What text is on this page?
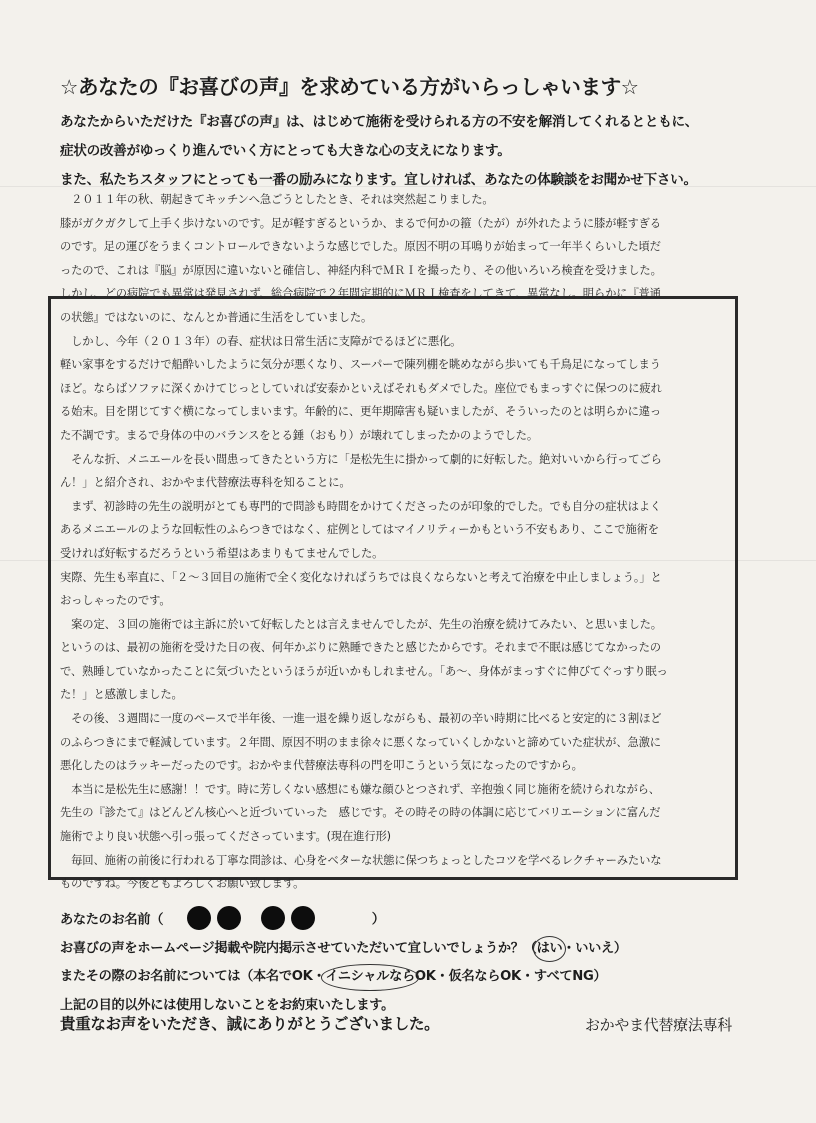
☆あなたの『お喜びの声』を求めている方がいらっしゃいます☆
あなたからいただけた『お喜びの声』は、はじめて施術を受けられる方の不安を解消してくれるとともに、
症状の改善がゆっくり進んでいく方にとっても大きな心の支えになります。
また、私たちスタッフにとっても一番の励みになります。宜しければ、あなたの体験談をお聞かせ下さい。

　２０１１年の秋、朝起きてキッチンへ急ごうとしたとき、それは突然起こりました。

膝がガクガクして上手く歩けないのです。足が軽すぎるというか、まるで何かの箍（たが）が外れたように膝が軽すぎる

のです。足の運びをうまくコントロールできないような感じでした。原因不明の耳鳴りが始まって一年半くらいした頃だ

ったので、これは『脳』が原因に違いないと確信し、神経内科でＭＲＩを撮ったり、その他いろいろ検査を受けました。

しかし、どの病院でも異常は発見されず、総合病院で２年間定期的にＭＲＩ検査をしてきて、異常なし。明らかに『普通

の状態』ではないのに、なんとか普通に生活をしていました。

　しかし、今年（２０１３年）の春、症状は日常生活に支障がでるほどに悪化。

軽い家事をするだけで船酔いしたように気分が悪くなり、スーパーで陳列棚を眺めながら歩いても千鳥足になってしまう

ほど。ならばソファに深くかけてじっとしていれば安泰かといえばそれもダメでした。座位でもまっすぐに保つのに疲れ

る始末。目を閉じてすぐ横になってしまいます。年齢的に、更年期障害も疑いましたが、そういったのとは明らかに違っ

た不調です。まるで身体の中のバランスをとる錘（おもり）が壊れてしまったかのようでした。

　そんな折、メニエールを長い間患ってきたという方に「是松先生に掛かって劇的に好転した。絶対いいから行ってごら

ん！」と紹介され、おかやま代替療法専科を知ることに。

　まず、初診時の先生の説明がとても専門的で問診も時間をかけてくださったのが印象的でした。でも自分の症状はよく

あるメニエールのような回転性のふらつきではなく、症例としてはマイノリティーかもという不安もあり、ここで施術を

受ければ好転するだろうという希望はあまりもてませんでした。

実際、先生も率直に、「２～３回目の施術で全く変化なければうちでは良くならないと考えて治療を中止しましょう。」と

おっしゃったのです。

　案の定、３回の施術では主訴に於いて好転したとは言えませんでしたが、先生の治療を続けてみたい、と思いました。

というのは、最初の施術を受けた日の夜、何年かぶりに熟睡できたと感じたからです。それまで不眠は感じてなかったの

で、熟睡していなかったことに気づいたというほうが近いかもしれません。「あ～、身体がまっすぐに伸びてぐっすり眠っ

た！」と感激しました。

　その後、３週間に一度のペースで半年後、一進一退を繰り返しながらも、最初の辛い時期に比べると安定的に３割ほど

のふらつきにまで軽減しています。２年間、原因不明のまま徐々に悪くなっていくしかないと諦めていた症状が、急激に

悪化したのはラッキーだったのです。おかやま代替療法専科の門を叩こうという気になったのですから。

　本当に是松先生に感謝！！です。時に芳しくない感想にも嫌な顔ひとつされず、辛抱強く同じ施術を続けられながら、

先生の『診たて』はどんどん核心へと近づいていった　感じです。その時その時の体調に応じてバリエーションに富んだ

施術でより良い状態へ引っ張ってくださっています。(現在進行形)

　毎回、施術の前後に行われる丁寧な問診は、心身をベターな状態に保つちょっとしたコツを学べるレクチャーみたいな

ものですね。今後ともよろしくお願い致します。

あなたのお名前（	）
お喜びの声をホームページ掲載や院内掲示させていただいて宜しいでしょうか？（はい・いいえ）
またその際のお名前については（本名でOK・イニシャルならOK・仮名ならOK・すべてNG）
上記の目的以外には使用しないことをお約束いたします。
貴重なお声をいただき、誠にありがとうございました。	おかやま代替療法専科
